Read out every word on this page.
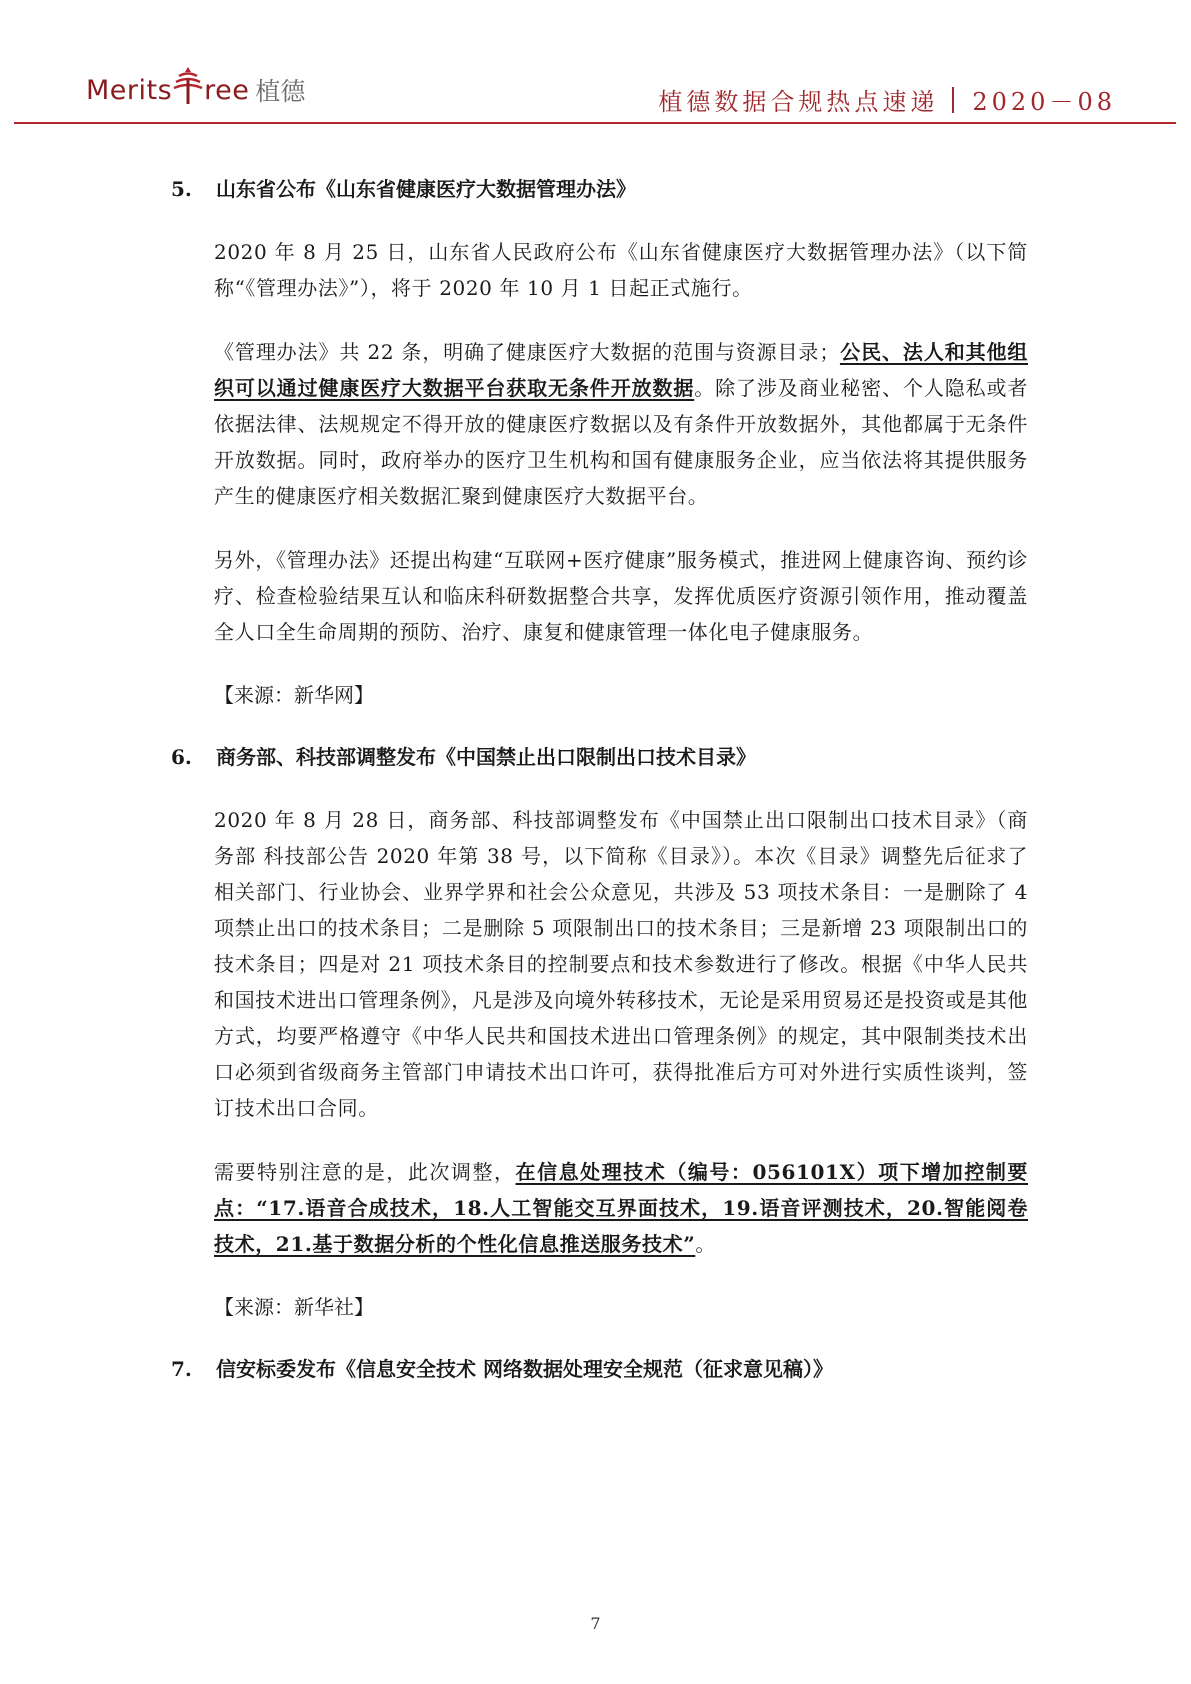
Merits ree 植德	植德数据合规热点速递 2020－08
5.	山东省公布《山东省健康医疗大数据管理办法》

2020 年 8 月 25 日，山东省人民政府公布《山东省健康医疗大数据管理办法》（以下简称“《管理办法》”），将于 2020 年 10 月 1 日起正式施行。

《管理办法》共 22 条，明确了健康医疗大数据的范围与资源目录；公民、法人和其他组织可以通过健康医疗大数据平台获取无条件开放数据。除了涉及商业秘密、个人隐私或者依据法律、法规规定不得开放的健康医疗数据以及有条件开放数据外，其他都属于无条件开放数据。同时，政府举办的医疗卫生机构和国有健康服务企业，应当依法将其提供服务产生的健康医疗相关数据汇聚到健康医疗大数据平台。

另外，《管理办法》还提出构建“互联网+医疗健康”服务模式，推进网上健康咨询、预约诊疗、检查检验结果互认和临床科研数据整合共享，发挥优质医疗资源引领作用，推动覆盖全人口全生命周期的预防、治疗、康复和健康管理一体化电子健康服务。

【来源：新华网】
6.	商务部、科技部调整发布《中国禁止出口限制出口技术目录》

2020 年 8 月 28 日，商务部、科技部调整发布《中国禁止出口限制出口技术目录》（商务部 科技部公告 2020 年第 38 号，以下简称《目录》）。本次《目录》调整先后征求了相关部门、行业协会、业界学界和社会公众意见，共涉及 53 项技术条目：一是删除了 4 项禁止出口的技术条目；二是删除 5 项限制出口的技术条目；三是新增 23 项限制出口的技术条目；四是对 21 项技术条目的控制要点和技术参数进行了修改。根据《中华人民共和国技术进出口管理条例》，凡是涉及向境外转移技术，无论是采用贸易还是投资或是其他方式，均要严格遵守《中华人民共和国技术进出口管理条例》的规定，其中限制类技术出口必须到省级商务主管部门申请技术出口许可，获得批准后方可对外进行实质性谈判，签订技术出口合同。

需要特别注意的是，此次调整，在信息处理技术（编号：056101X）项下增加控制要点：“17.语音合成技术，18.人工智能交互界面技术，19.语音评测技术，20.智能阅卷技术，21.基于数据分析的个性化信息推送服务技术”。

【来源：新华社】
7.	信安标委发布《信息安全技术 网络数据处理安全规范（征求意见稿）》
7
